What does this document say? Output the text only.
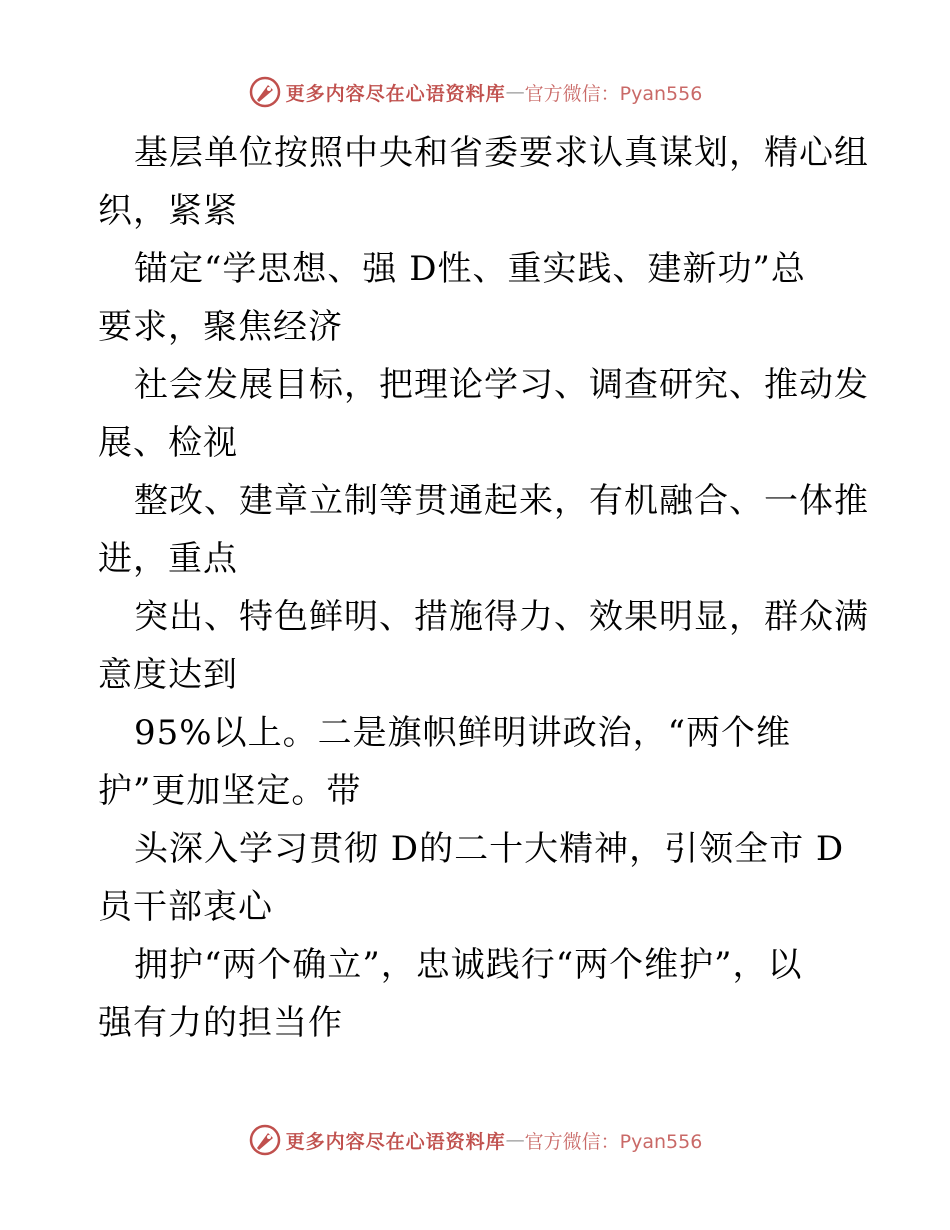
更多内容尽在心语资料库 — 官方微信：Pyan556
基层单位按照中央和省委要求认真谋划，精心组
织，紧紧
锚定“学思想、强 D性、重实践、建新功”总
要求，聚焦经济
社会发展目标，把理论学习、调查研究、推动发
展、检视
整改、建章立制等贯通起来，有机融合、一体推
进，重点
突出、特色鲜明、措施得力、效果明显，群众满
意度达到
95%以上。二是旗帜鲜明讲政治，“两个维
护”更加坚定。带
头深入学习贯彻 D的二十大精神，引领全市 D
员干部衷心
拥护“两个确立”，忠诚践行“两个维护”，以
强有力的担当作
更多内容尽在心语资料库 — 官方微信：Pyan556
